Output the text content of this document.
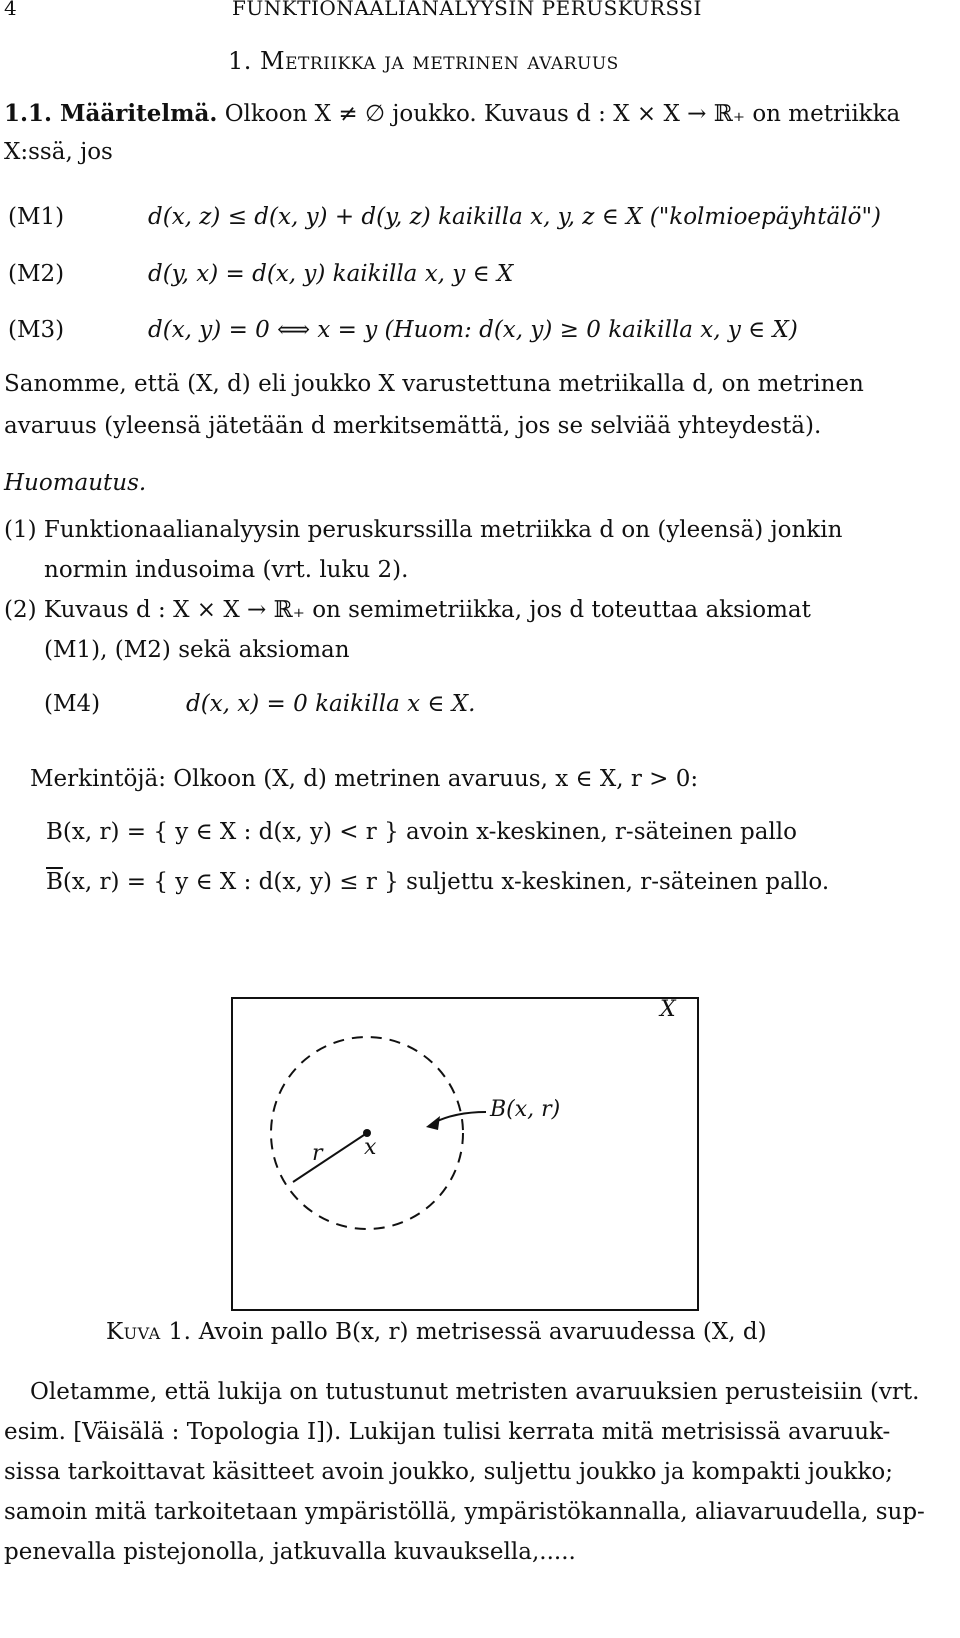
4	FUNKTIONAALIANALYYSIN PERUSKURSSI
1. Metriikka ja metrinen avaruus
1.1. Määritelmä. Olkoon X ≠ ∅ joukko. Kuvaus d : X × X → ℝ₊ on metriikka
X:ssä, jos
(M1)	d(x, z) ≤ d(x, y) + d(y, z) kaikilla x, y, z ∈ X ("kolmioepäyhtälö")
(M2)	d(y, x) = d(x, y) kaikilla x, y ∈ X
(M3)	d(x, y) = 0 ⟺ x = y (Huom: d(x, y) ≥ 0 kaikilla x, y ∈ X)
Sanomme, että (X, d) eli joukko X varustettuna metriikalla d, on metrinen
avaruus (yleensä jätetään d merkitsemättä, jos se selviää yhteydestä).
Huomautus.
(1) Funktionaalianalyysin peruskurssilla metriikka d on (yleensä) jonkin
normin indusoima (vrt. luku 2).
(2) Kuvaus d : X × X → ℝ₊ on semimetriikka, jos d toteuttaa aksiomat
(M1), (M2) sekä aksioman
(M4)	d(x, x) = 0 kaikilla x ∈ X.
Merkintöjä: Olkoon (X, d) metrinen avaruus, x ∈ X, r > 0:
B(x, r) = { y ∈ X : d(x, y) < r } avoin x-keskinen, r-säteinen pallo
$\overline{B}(x$, r) = { y ∈ X : d(x, y) ≤ r } suljettu x-keskinen, r-säteinen pallo.
X
B(x, r)
r x
Kuva 1. Avoin pallo B(x, r) metrisessä avaruudessa (X, d)
Oletamme, että lukija on tutustunut metristen avaruuksien perusteisiin (vrt.
esim. [Väisälä : Topologia I]). Lukijan tulisi kerrata mitä metrisissä avaruuk-
sissa tarkoittavat käsitteet avoin joukko, suljettu joukko ja kompakti joukko;
samoin mitä tarkoitetaan ympäristöllä, ympäristökannalla, aliavaruudella, sup-
penevalla pistejonolla, jatkuvalla kuvauksella,.....
